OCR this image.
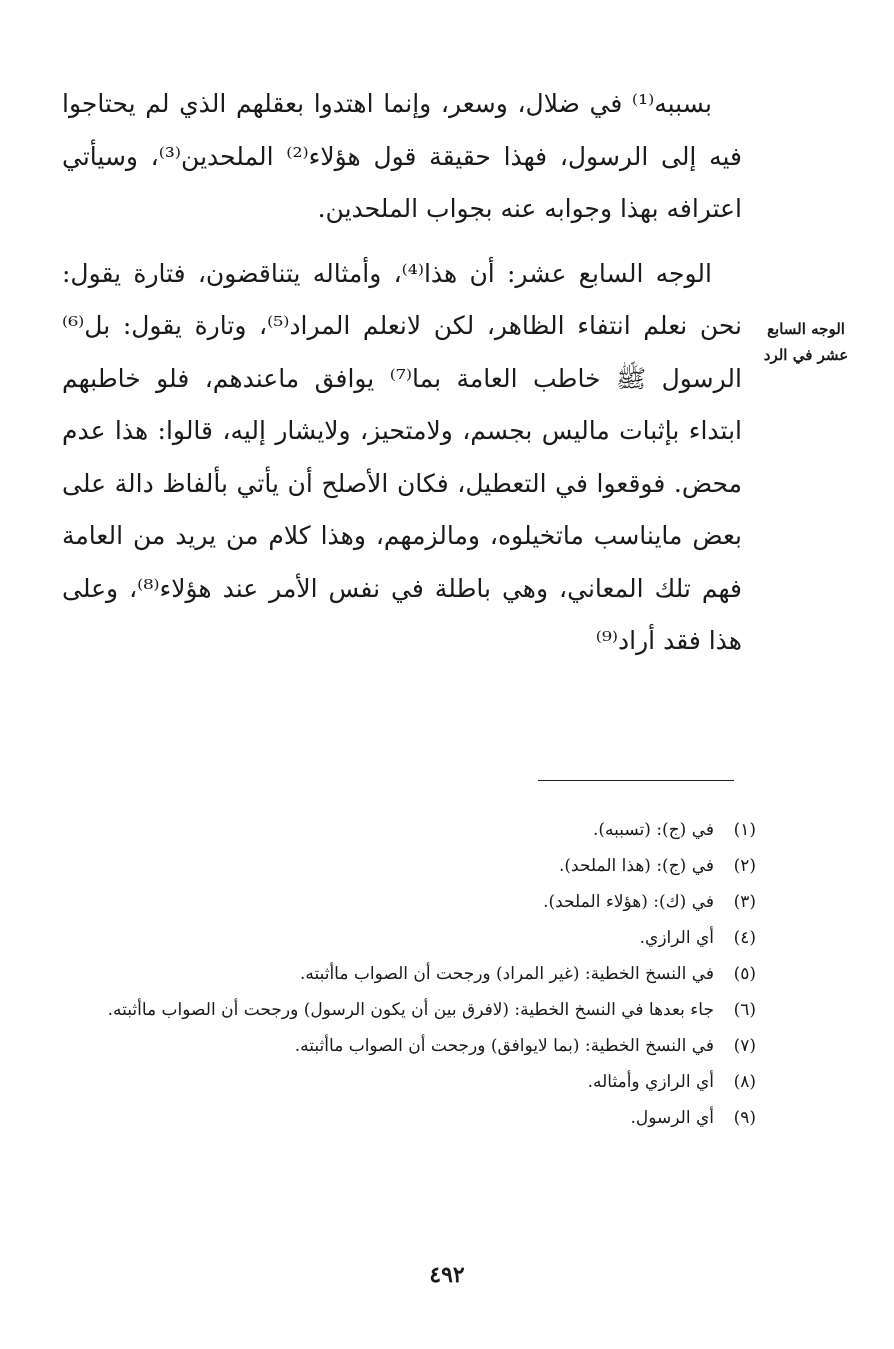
بسببه⁽¹⁾ في ضلال، وسعر، وإنما اهتدوا بعقلهم الذي لم يحتاجوا فيه إلى الرسول، فهذا حقيقة قول هؤلاء⁽²⁾ الملحدين⁽³⁾، وسيأتي اعترافه بهذا وجوابه عنه بجواب الملحدين.

الوجه السابع عشر: أن هذا⁽⁴⁾، وأمثاله يتناقضون، فتارة يقول: نحن نعلم انتفاء الظاهر، لكن لانعلم المراد⁽⁵⁾، وتارة يقول: بل⁽⁶⁾ الرسول ﷺ خاطب العامة بما⁽⁷⁾ يوافق ماعندهم، فلو خاطبهم ابتداء بإثبات ماليس بجسم، ولامتحيز، ولايشار إليه، قالوا: هذا عدم محض. فوقعوا في التعطيل، فكان الأصلح أن يأتي بألفاظ دالة على بعض مايناسب ماتخيلوه، ومالزمهم، وهذا كلام من يريد من العامة فهم تلك المعاني، وهي باطلة في نفس الأمر عند هؤلاء⁽⁸⁾، وعلى هذا فقد أراد⁽⁹⁾

الوجه السابع عشر في الرد
(١)
في (ج): (تسببه).
(٢)
في (ج): (هذا الملحد).
(٣)
في (ك): (هؤلاء الملحد).
(٤)
أي الرازي.
(٥)
في النسخ الخطية: (غير المراد) ورجحت أن الصواب ماأثبته.
(٦)
جاء بعدها في النسخ الخطية: (لافرق بين أن يكون الرسول) ورجحت أن الصواب ماأثبته.
(٧)
في النسخ الخطية: (بما لايوافق) ورجحت أن الصواب ماأثبته.
(٨)
أي الرازي وأمثاله.
(٩)
أي الرسول.
٤٩٢
